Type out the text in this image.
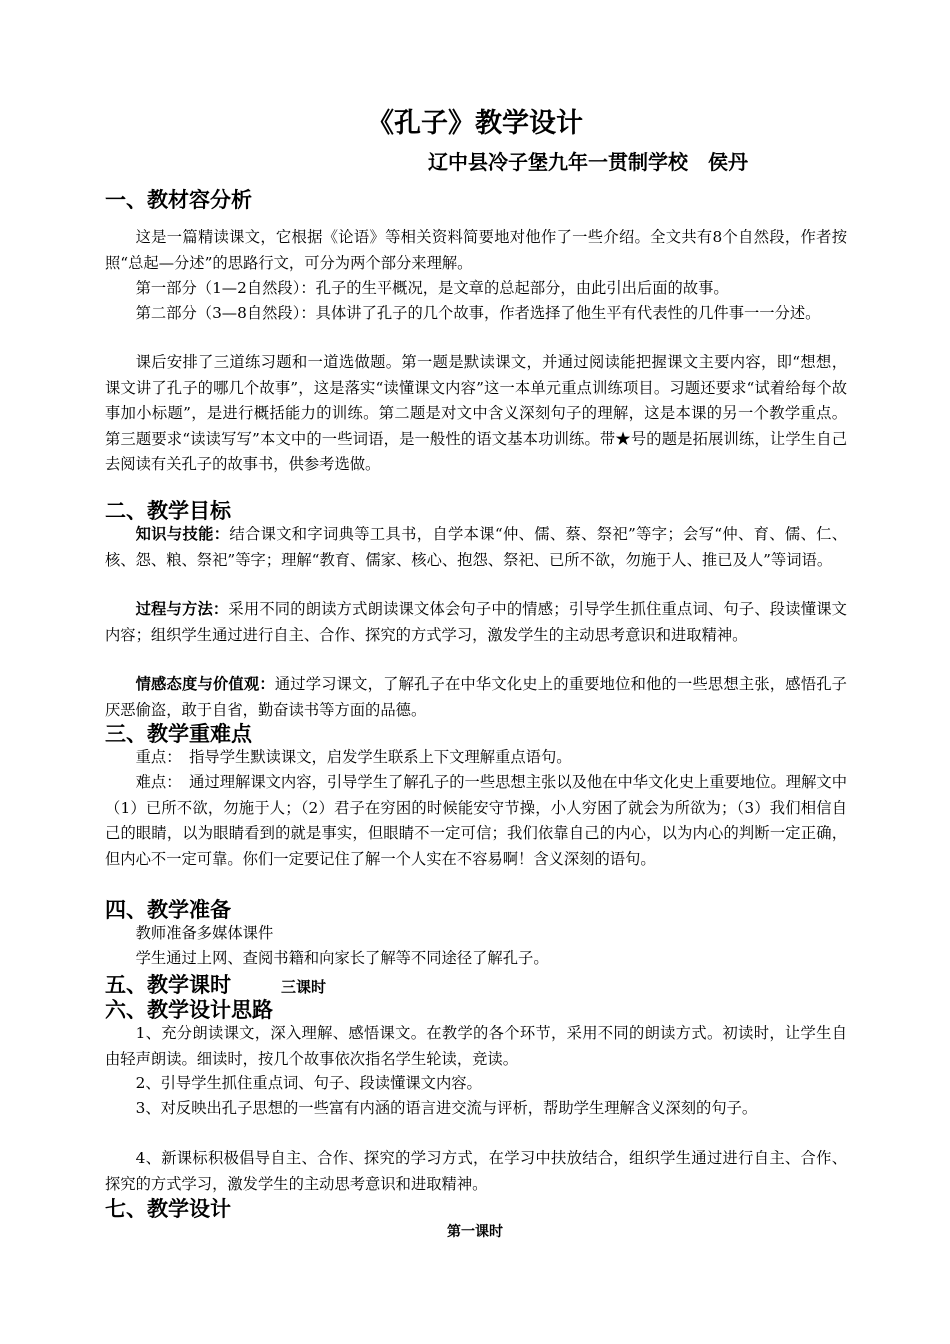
《孔子》教学设计
辽中县冷子堡九年一贯制学校　侯丹
一、教材容分析

这是一篇精读课文，它根据《论语》等相关资料简要地对他作了一些介绍。全文共有8个自然段，作者按照“总起—分述”的思路行文，可分为两个部分来理解。

第一部分（1—2自然段）：孔子的生平概况，是文章的总起部分，由此引出后面的故事。

第二部分（3—8自然段）：具体讲了孔子的几个故事，作者选择了他生平有代表性的几件事一一分述。

课后安排了三道练习题和一道选做题。第一题是默读课文，并通过阅读能把握课文主要内容，即“想想，课文讲了孔子的哪几个故事”，这是落实“读懂课文内容”这一本单元重点训练项目。习题还要求“试着给每个故事加小标题”，是进行概括能力的训练。第二题是对文中含义深刻句子的理解，这是本课的另一个教学重点。第三题要求“读读写写”本文中的一些词语，是一般性的语文基本功训练。带★号的题是拓展训练，让学生自己去阅读有关孔子的故事书，供参考选做。

二、教学目标

知识与技能：结合课文和字词典等工具书，自学本课“仲、儒、蔡、祭祀”等字；会写“仲、育、儒、仁、核、怨、粮、祭祀”等字；理解“教育、儒家、核心、抱怨、祭祀、已所不欲，勿施于人、推已及人”等词语。

过程与方法：采用不同的朗读方式朗读课文体会句子中的情感；引导学生抓住重点词、句子、段读懂课文内容；组织学生通过进行自主、合作、探究的方式学习，激发学生的主动思考意识和进取精神。

情感态度与价值观：通过学习课文，了解孔子在中华文化史上的重要地位和他的一些思想主张，感悟孔子厌恶偷盗，敢于自省，勤奋读书等方面的品德。

三、教学重难点

重点：　指导学生默读课文，启发学生联系上下文理解重点语句。

难点：　通过理解课文内容，引导学生了解孔子的一些思想主张以及他在中华文化史上重要地位。理解文中（1）已所不欲，勿施于人；（2）君子在穷困的时候能安守节操，小人穷困了就会为所欲为；（3）我们相信自己的眼睛，以为眼睛看到的就是事实，但眼睛不一定可信；我们依靠自己的内心，以为内心的判断一定正确，但内心不一定可靠。你们一定要记住了解一个人实在不容易啊！含义深刻的语句。

四、教学准备

教师准备多媒体课件

学生通过上网、查阅书籍和向家长了解等不同途径了解孔子。

五、教学课时	三课时
六、教学设计思路

1、充分朗读课文，深入理解、感悟课文。在教学的各个环节，采用不同的朗读方式。初读时，让学生自由轻声朗读。细读时，按几个故事依次指名学生轮读，竞读。

2、引导学生抓住重点词、句子、段读懂课文内容。

3、对反映出孔子思想的一些富有内涵的语言进交流与评析，帮助学生理解含义深刻的句子。

4、新课标积极倡导自主、合作、探究的学习方式，在学习中扶放结合，组织学生通过进行自主、合作、探究的方式学习，激发学生的主动思考意识和进取精神。

七、教学设计
第一课时
